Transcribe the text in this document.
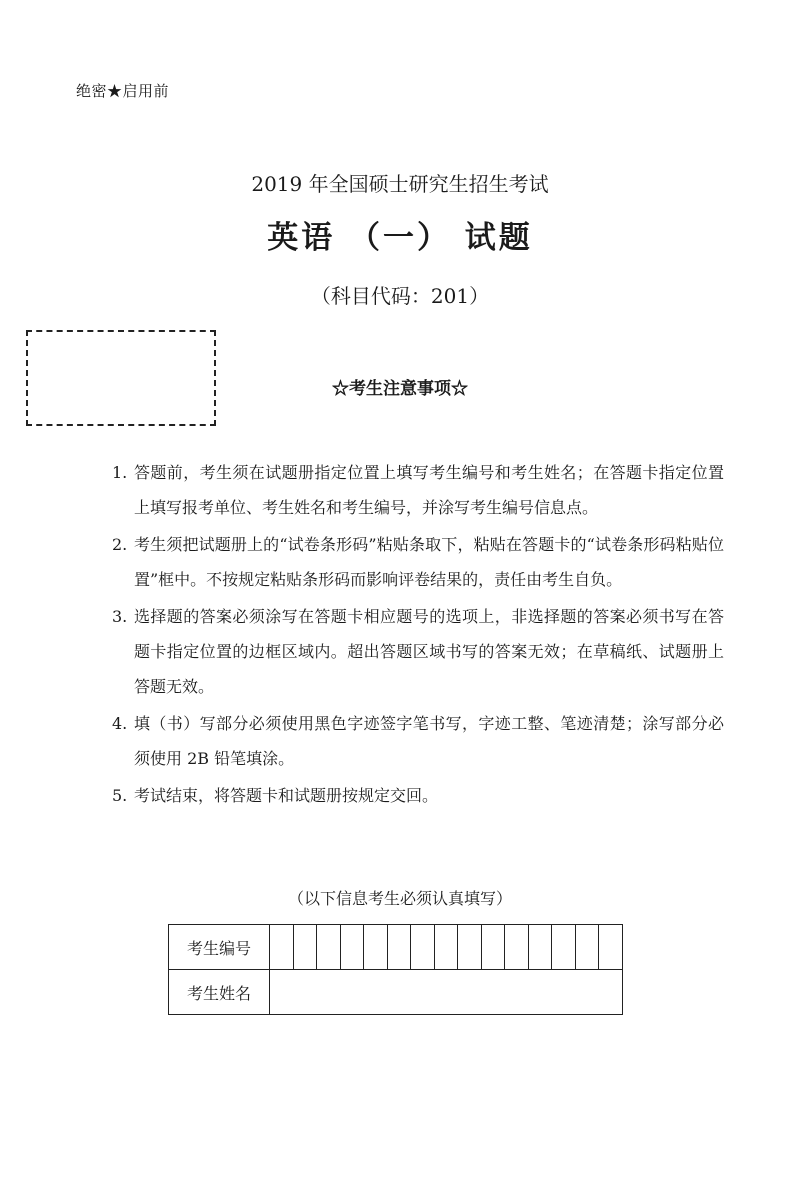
绝密★启用前
2019 年全国硕士研究生招生考试
英语 （一） 试题
（科目代码：201）
☆考生注意事项☆
1. 答题前，考生须在试题册指定位置上填写考生编号和考生姓名；在答题卡指定位置上填写报考单位、考生姓名和考生编号，并涂写考生编号信息点。
2. 考生须把试题册上的“试卷条形码”粘贴条取下，粘贴在答题卡的“试卷条形码粘贴位置”框中。不按规定粘贴条形码而影响评卷结果的，责任由考生自负。
3. 选择题的答案必须涂写在答题卡相应题号的选项上，非选择题的答案必须书写在答题卡指定位置的边框区域内。超出答题区域书写的答案无效；在草稿纸、试题册上答题无效。
4. 填（书）写部分必须使用黑色字迹签字笔书写，字迹工整、笔迹清楚；涂写部分必须使用 2B 铅笔填涂。
5. 考试结束，将答题卡和试题册按规定交回。
（以下信息考生必须认真填写）
考生编号	

考生姓名	
